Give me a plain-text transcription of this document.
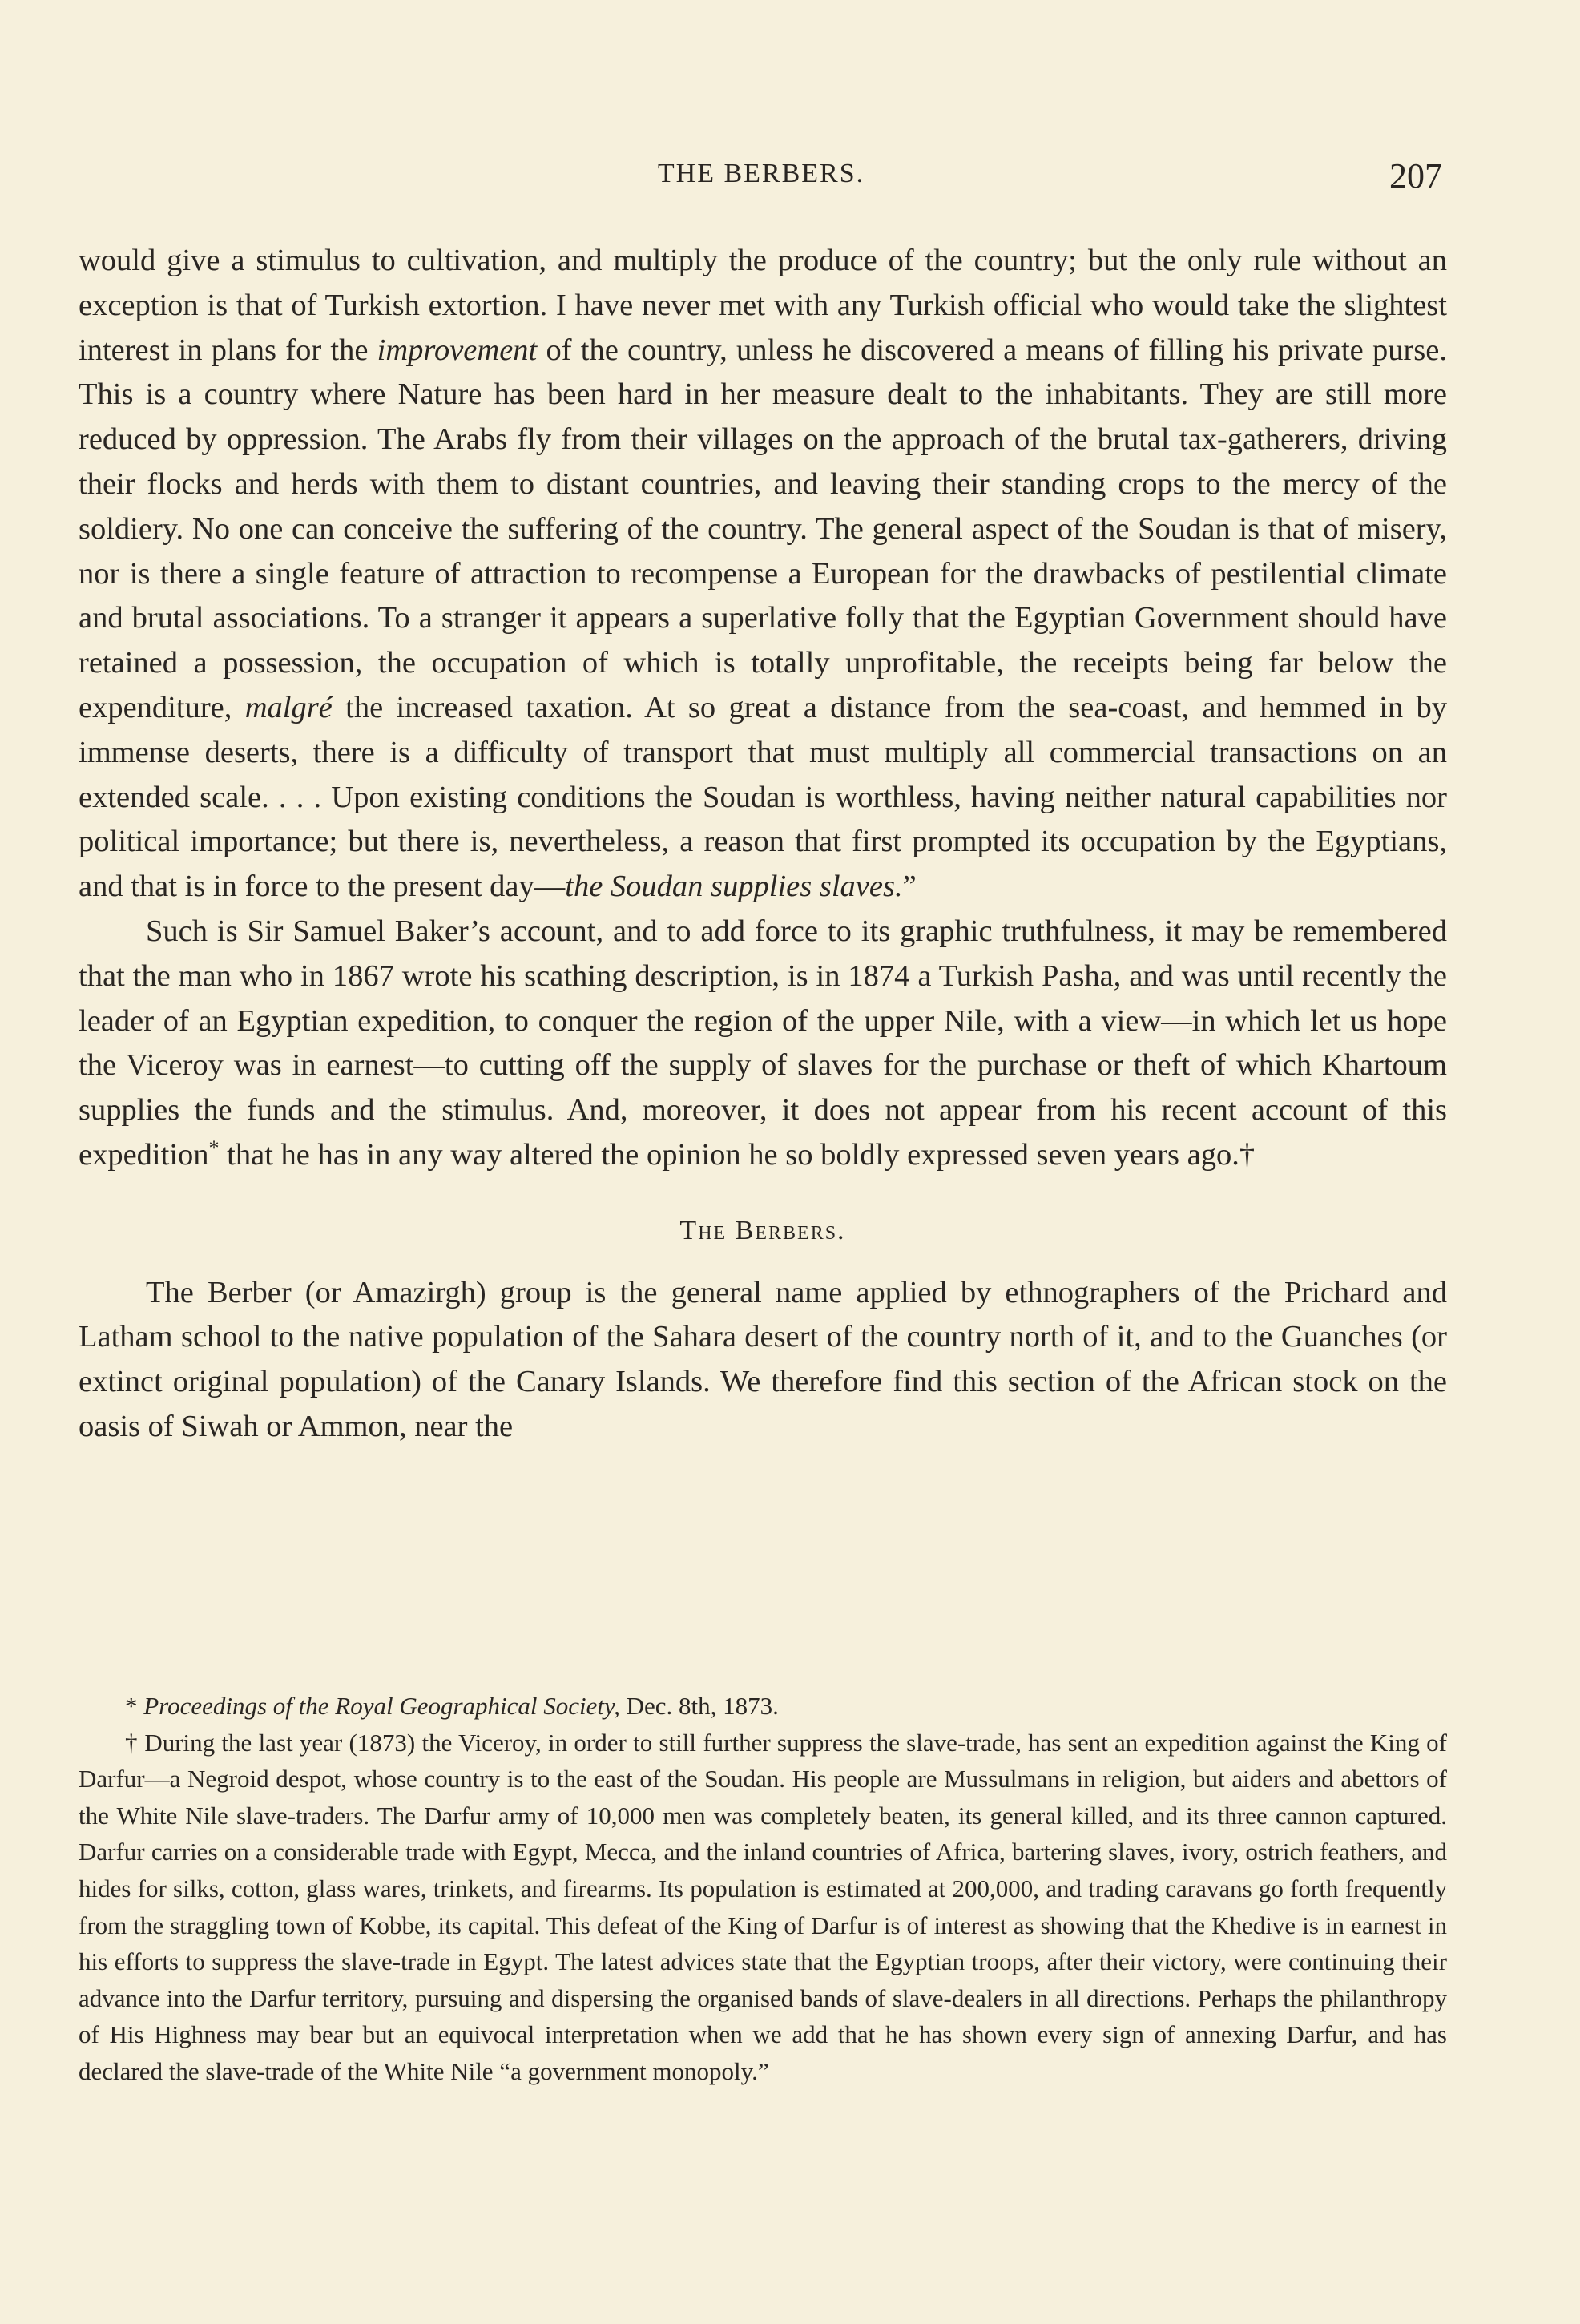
THE BERBERS.	207

would give a stimulus to cultivation, and multiply the produce of the country; but the only rule without an exception is that of Turkish extortion. I have never met with any Turkish official who would take the slightest interest in plans for the improvement of the country, unless he discovered a means of filling his private purse. This is a country where Nature has been hard in her measure dealt to the inhabitants. They are still more reduced by oppression. The Arabs fly from their villages on the approach of the brutal tax-gatherers, driving their flocks and herds with them to distant countries, and leaving their standing crops to the mercy of the soldiery. No one can conceive the suffering of the country. The general aspect of the Soudan is that of misery, nor is there a single feature of attraction to recompense a European for the drawbacks of pestilential climate and brutal associations. To a stranger it appears a superlative folly that the Egyptian Government should have retained a possession, the occupation of which is totally unprofitable, the receipts being far below the expenditure, malgré the increased taxation. At so great a distance from the sea-coast, and hemmed in by immense deserts, there is a difficulty of transport that must multiply all commercial transactions on an extended scale. . . . Upon existing conditions the Soudan is worthless, having neither natural capabilities nor political importance; but there is, nevertheless, a reason that first prompted its occupation by the Egyptians, and that is in force to the present day—the Soudan supplies slaves.”

Such is Sir Samuel Baker’s account, and to add force to its graphic truthfulness, it may be remembered that the man who in 1867 wrote his scathing description, is in 1874 a Turkish Pasha, and was until recently the leader of an Egyptian expedition, to conquer the region of the upper Nile, with a view—in which let us hope the Viceroy was in earnest—to cutting off the supply of slaves for the purchase or theft of which Khartoum supplies the funds and the stimulus. And, moreover, it does not appear from his recent account of this expedition* that he has in any way altered the opinion he so boldly expressed seven years ago.†

The Berbers.

The Berber (or Amazirgh) group is the general name applied by ethnographers of the Prichard and Latham school to the native population of the Sahara desert of the country north of it, and to the Guanches (or extinct original population) of the Canary Islands. We therefore find this section of the African stock on the oasis of Siwah or Ammon, near the

* Proceedings of the Royal Geographical Society, Dec. 8th, 1873.

† During the last year (1873) the Viceroy, in order to still further suppress the slave-trade, has sent an expedition against the King of Darfur—a Negroid despot, whose country is to the east of the Soudan. His people are Mussulmans in religion, but aiders and abettors of the White Nile slave-traders. The Darfur army of 10,000 men was completely beaten, its general killed, and its three cannon captured. Darfur carries on a considerable trade with Egypt, Mecca, and the inland countries of Africa, bartering slaves, ivory, ostrich feathers, and hides for silks, cotton, glass wares, trinkets, and firearms. Its population is estimated at 200,000, and trading caravans go forth frequently from the straggling town of Kobbe, its capital. This defeat of the King of Darfur is of interest as showing that the Khedive is in earnest in his efforts to suppress the slave-trade in Egypt. The latest advices state that the Egyptian troops, after their victory, were continuing their advance into the Darfur territory, pursuing and dispersing the organised bands of slave-dealers in all directions. Perhaps the philanthropy of His Highness may bear but an equivocal interpretation when we add that he has shown every sign of annexing Darfur, and has declared the slave-trade of the White Nile “a government monopoly.”
